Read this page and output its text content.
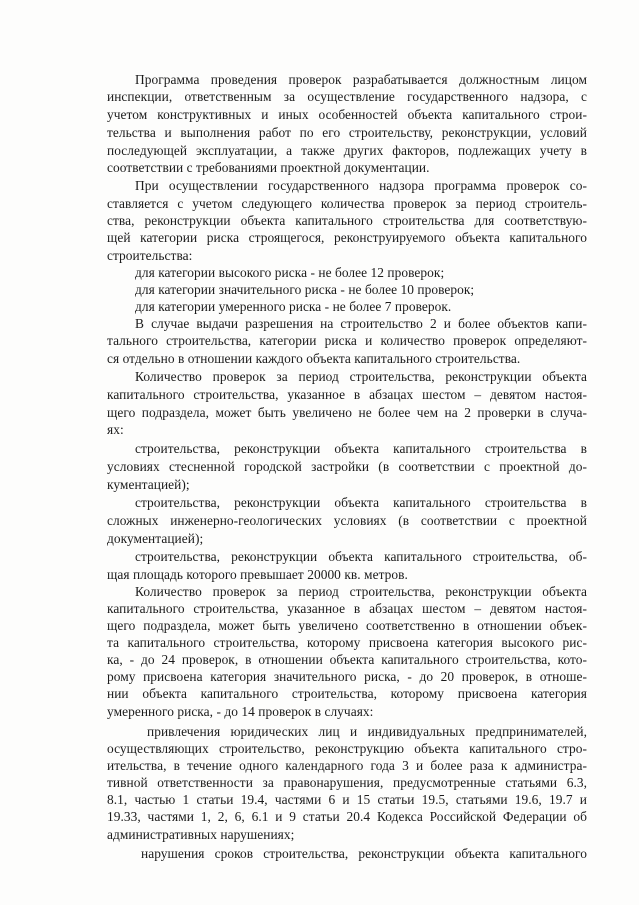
Программа проведения проверок разрабатывается должностным лицом
инспекции, ответственным за осуществление государственного надзора, с
учетом конструктивных и иных особенностей объекта капитального строи-
тельства и выполнения работ по его строительству, реконструкции, условий
последующей эксплуатации, а также других факторов, подлежащих учету в
соответствии с требованиями проектной документации.
При осуществлении государственного надзора программа проверок со-
ставляется с учетом следующего количества проверок за период строитель-
ства, реконструкции объекта капитального строительства для соответствую-
щей категории риска строящегося, реконструируемого объекта капитального
строительства:
для категории высокого риска - не более 12 проверок;
для категории значительного риска - не более 10 проверок;
для категории умеренного риска - не более 7 проверок.
В случае выдачи разрешения на строительство 2 и более объектов капи-
тального строительства, категории риска и количество проверок определяют-
ся отдельно в отношении каждого объекта капитального строительства.
Количество проверок за период строительства, реконструкции объекта
капитального строительства, указанное в абзацах шестом – девятом настоя-
щего подраздела, может быть увеличено не более чем на 2 проверки в случа-
ях:
строительства, реконструкции объекта капитального строительства в
условиях стесненной городской застройки (в соответствии с проектной до-
кументацией);
строительства, реконструкции объекта капитального строительства в
сложных инженерно-геологических условиях (в соответствии с проектной
документацией);
строительства, реконструкции объекта капитального строительства, об-
щая площадь которого превышает 20000 кв. метров.
Количество проверок за период строительства, реконструкции объекта
капитального строительства, указанное в абзацах шестом – девятом настоя-
щего подраздела, может быть увеличено соответственно в отношении объек-
та капитального строительства, которому присвоена категория высокого рис-
ка, - до 24 проверок, в отношении объекта капитального строительства, кото-
рому присвоена категория значительного риска, - до 20 проверок, в отноше-
нии объекта капитального строительства, которому присвоена категория
умеренного риска, - до 14 проверок в случаях:
привлечения юридических лиц и индивидуальных предпринимателей,
осуществляющих строительство, реконструкцию объекта капитального стро-
ительства, в течение одного календарного года 3 и более раза к администра-
тивной ответственности за правонарушения, предусмотренные статьями 6.3,
8.1, частью 1 статьи 19.4, частями 6 и 15 статьи 19.5, статьями 19.6, 19.7 и
19.33, частями 1, 2, 6, 6.1 и 9 статьи 20.4 Кодекса Российской Федерации об
административных нарушениях;
нарушения сроков строительства, реконструкции объекта капитального
